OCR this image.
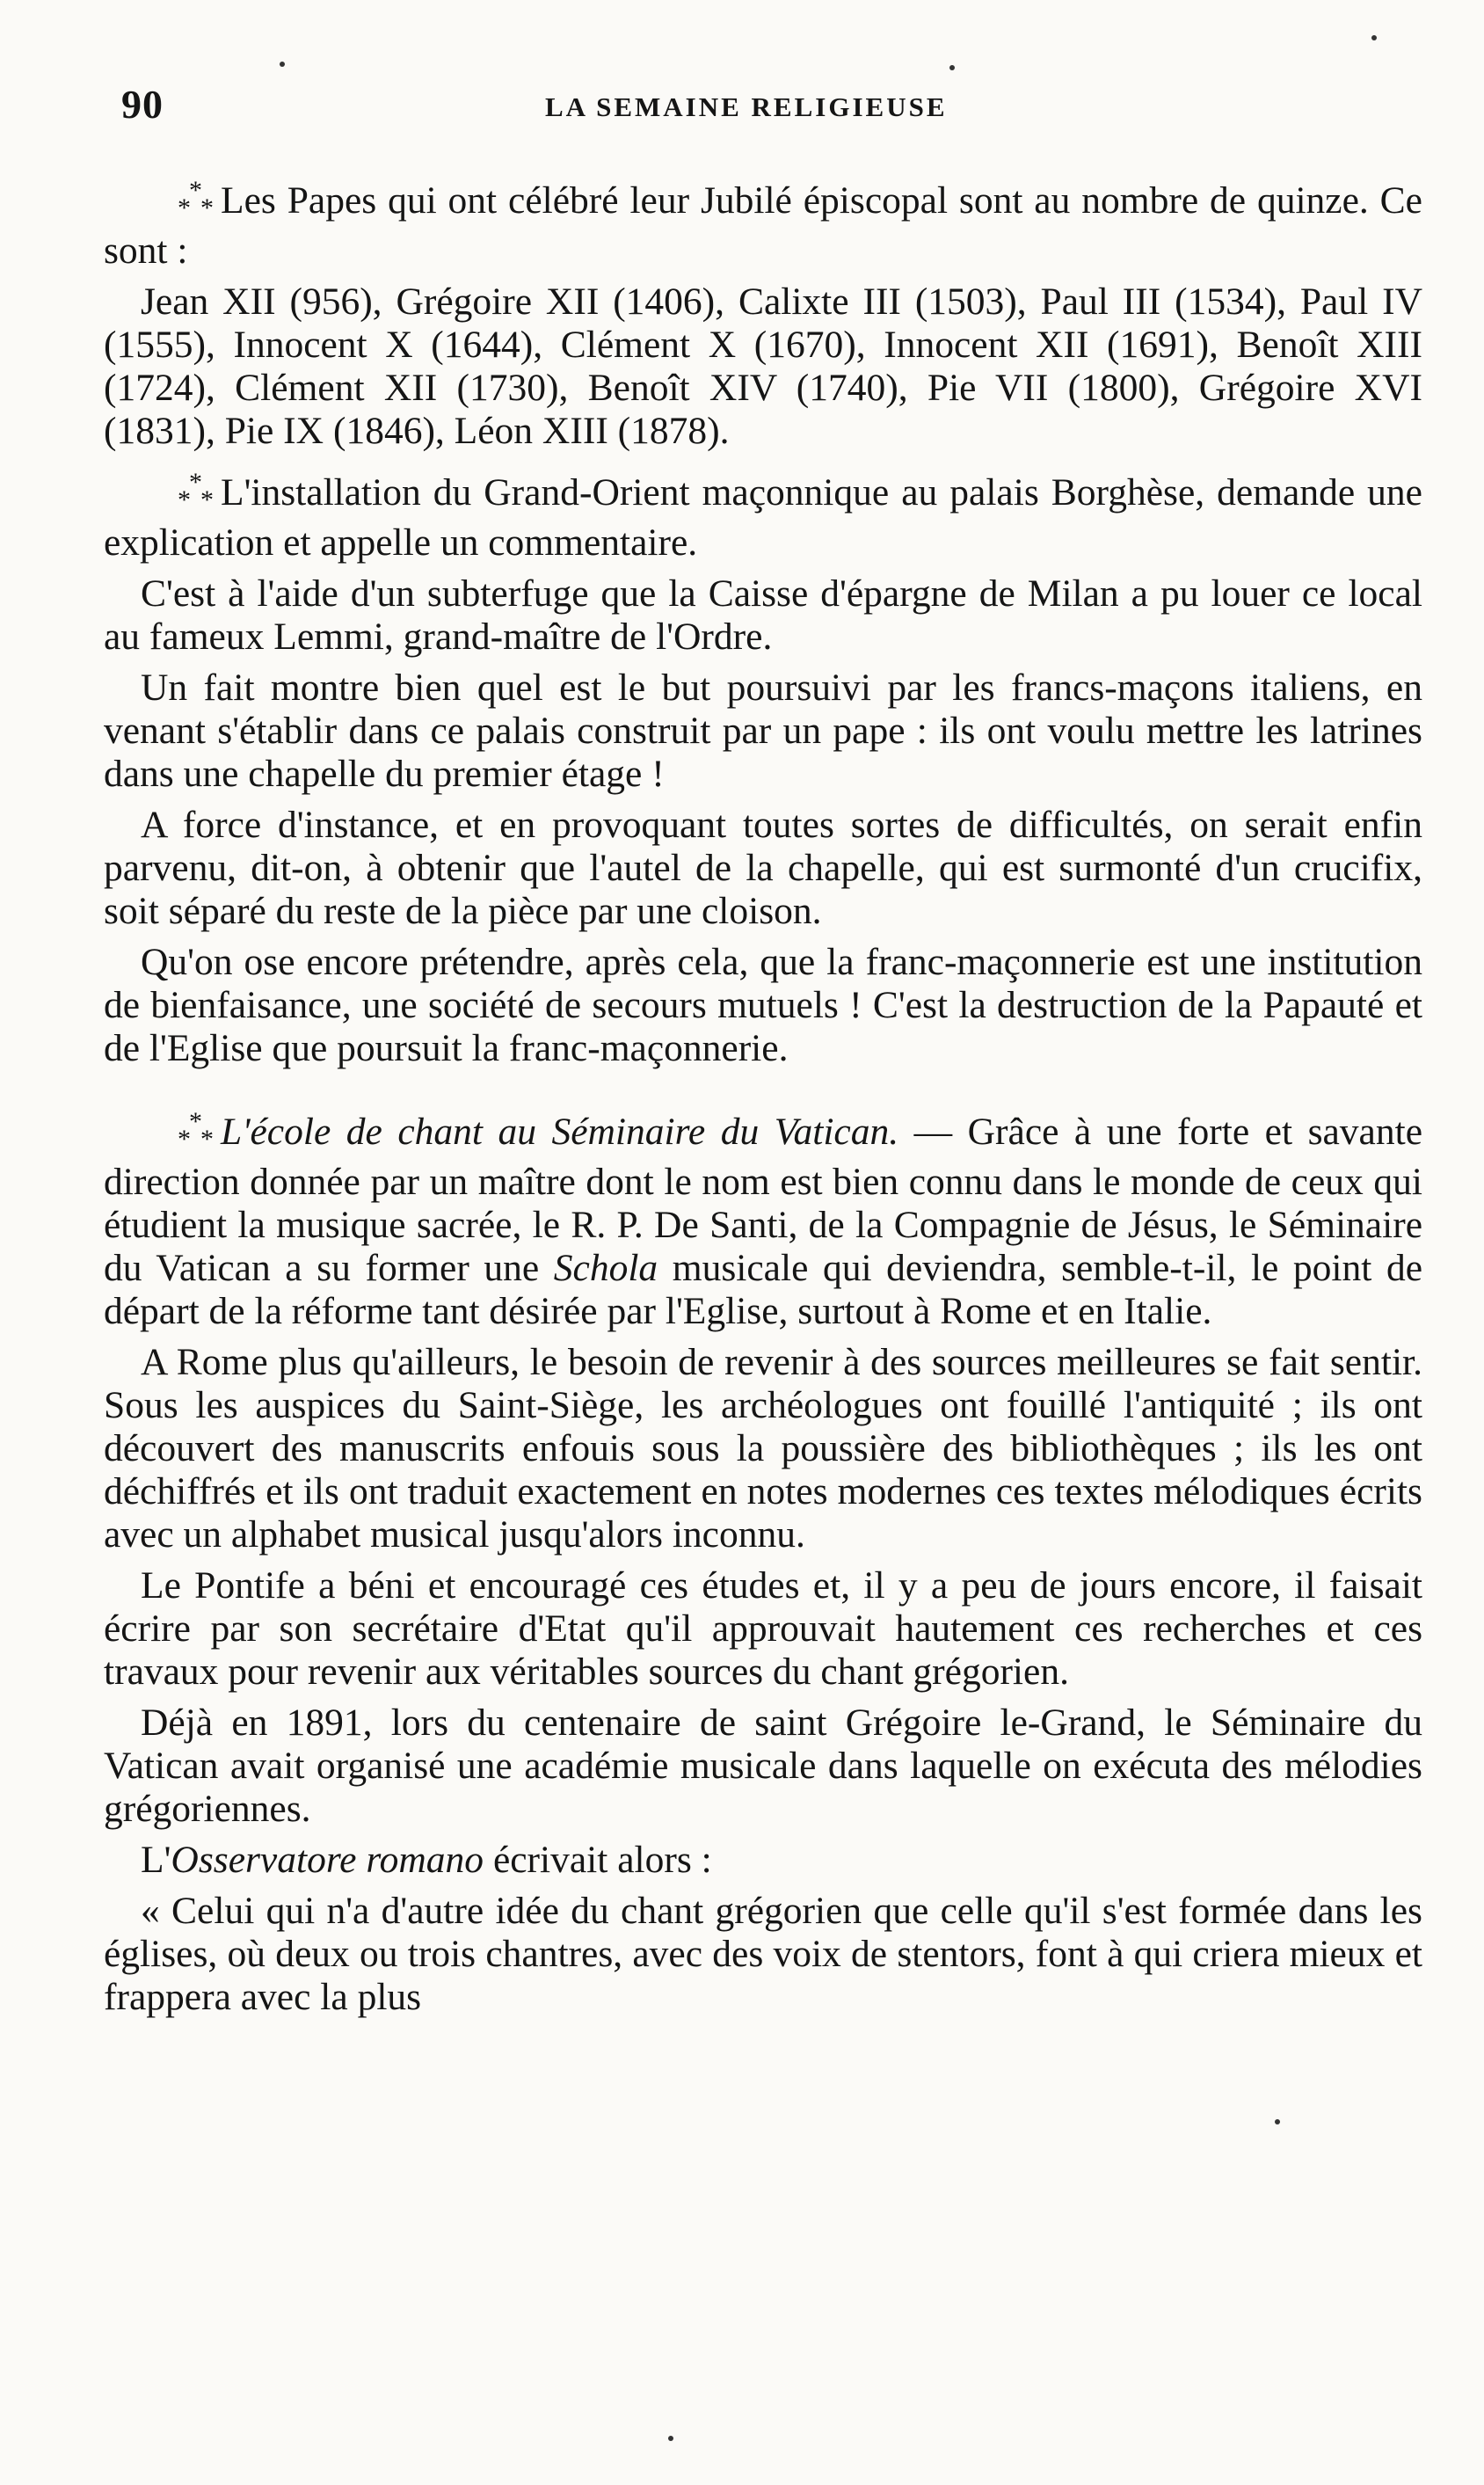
90	LA SEMAINE RELIGIEUSE

$_*$*$_*$ Les Papes qui ont célébré leur Jubilé épiscopal sont au nombre de quinze. Ce sont :

Jean XII (956), Grégoire XII (1406), Calixte III (1503), Paul III (1534), Paul IV (1555), Innocent X (1644), Clément X (1670), Innocent XII (1691), Benoît XIII (1724), Clément XII (1730), Benoît XIV (1740), Pie VII (1800), Grégoire XVI (1831), Pie IX (1846), Léon XIII (1878).

$_*$*$_*$ L'installation du Grand-Orient maçonnique au palais Borghèse, demande une explication et appelle un commentaire.

C'est à l'aide d'un subterfuge que la Caisse d'épargne de Milan a pu louer ce local au fameux Lemmi, grand-maître de l'Ordre.

Un fait montre bien quel est le but poursuivi par les francs-maçons italiens, en venant s'établir dans ce palais construit par un pape : ils ont voulu mettre les latrines dans une chapelle du premier étage !

A force d'instance, et en provoquant toutes sortes de difficultés, on serait enfin parvenu, dit-on, à obtenir que l'autel de la chapelle, qui est surmonté d'un crucifix, soit séparé du reste de la pièce par une cloison.

Qu'on ose encore prétendre, après cela, que la franc-maçonnerie est une institution de bienfaisance, une société de secours mutuels ! C'est la destruction de la Papauté et de l'Eglise que poursuit la franc-maçonnerie.

$_*$*$_*$ L'école de chant au Séminaire du Vatican. — Grâce à une forte et savante direction donnée par un maître dont le nom est bien connu dans le monde de ceux qui étudient la musique sacrée, le R. P. De Santi, de la Compagnie de Jésus, le Séminaire du Vatican a su former une Schola musicale qui deviendra, semble-t-il, le point de départ de la réforme tant désirée par l'Eglise, surtout à Rome et en Italie.

A Rome plus qu'ailleurs, le besoin de revenir à des sources meilleures se fait sentir. Sous les auspices du Saint-Siège, les archéologues ont fouillé l'antiquité ; ils ont découvert des manuscrits enfouis sous la poussière des bibliothèques ; ils les ont déchiffrés et ils ont traduit exactement en notes modernes ces textes mélodiques écrits avec un alphabet musical jusqu'alors inconnu.

Le Pontife a béni et encouragé ces études et, il y a peu de jours encore, il faisait écrire par son secrétaire d'Etat qu'il approuvait hautement ces recherches et ces travaux pour revenir aux véritables sources du chant grégorien.

Déjà en 1891, lors du centenaire de saint Grégoire le-Grand, le Séminaire du Vatican avait organisé une académie musicale dans laquelle on exécuta des mélodies grégoriennes.

L'Osservatore romano écrivait alors :

« Celui qui n'a d'autre idée du chant grégorien que celle qu'il s'est formée dans les églises, où deux ou trois chantres, avec des voix de stentors, font à qui criera mieux et frappera avec la plus
